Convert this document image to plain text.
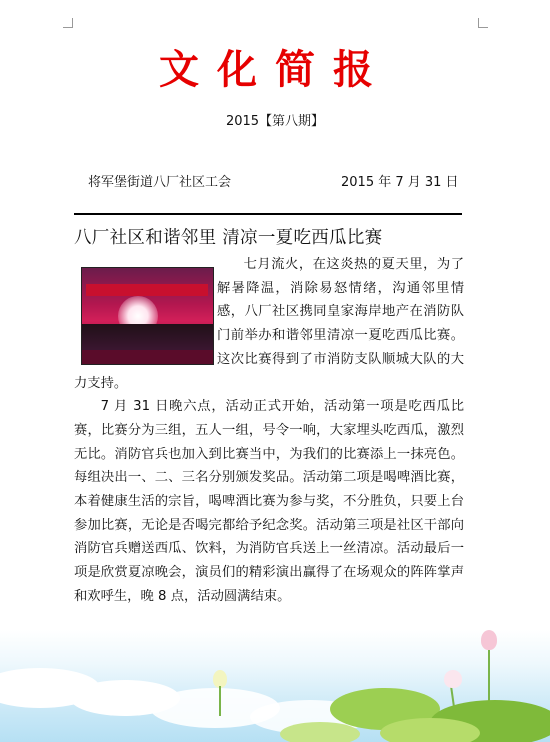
文化简报
2015【第八期】
将军堡街道八厂社区工会	2015 年 7 月 31 日
八厂社区和谐邻里 清凉一夏吃西瓜比赛

七月流火，在这炎热的夏天里，为了解暑降温，消除易怒情绪，沟通邻里情感，八厂社区携同皇家海岸地产在消防队门前举办和谐邻里清凉一夏吃西瓜比赛。这次比赛得到了市消防支队顺城大队的大力支持。

7 月 31 日晚六点，活动正式开始，活动第一项是吃西瓜比赛，比赛分为三组，五人一组，号令一响，大家埋头吃西瓜，激烈无比。消防官兵也加入到比赛当中，为我们的比赛添上一抹亮色。每组决出一、二、三名分别颁发奖品。活动第二项是喝啤酒比赛，本着健康生活的宗旨，喝啤酒比赛为参与奖，不分胜负，只要上台参加比赛，无论是否喝完都给予纪念奖。活动第三项是社区干部向消防官兵赠送西瓜、饮料，为消防官兵送上一丝清凉。活动最后一项是欣赏夏凉晚会，演员们的精彩演出赢得了在场观众的阵阵掌声和欢呼生，晚 8 点，活动圆满结束。
